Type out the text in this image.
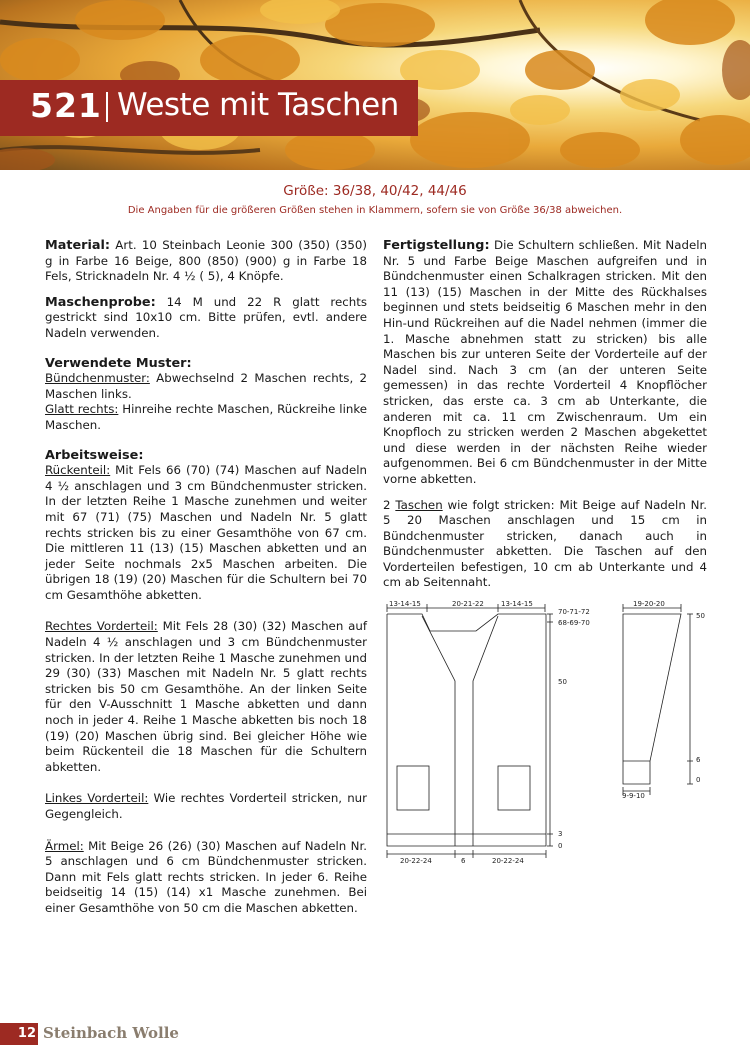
521 Weste mit Taschen
Größe: 36/38, 40/42, 44/46
Die Angaben für die größeren Größen stehen in Klammern, sofern sie von Größe 36/38 abweichen.

Material: Art. 10 Steinbach Leonie 300 (350) (350) g in Farbe 16 Beige, 800 (850) (900) g in Farbe 18 Fels, Stricknadeln Nr. 4 ½ ( 5), 4 Knöpfe.

Maschenprobe: 14 M und 22 R glatt rechts gestrickt sind 10x10 cm. Bitte prüfen, evtl. andere Nadeln verwenden.

Verwendete Muster:

Bündchenmuster: Abwechselnd 2 Maschen rechts, 2 Maschen links.

Glatt rechts: Hinreihe rechte Maschen, Rückreihe linke Maschen.

Arbeitsweise:

Rückenteil: Mit Fels 66 (70) (74) Maschen auf Nadeln 4 ½ anschlagen und 3 cm Bündchenmuster stricken. In der letzten Reihe 1 Masche zunehmen und weiter mit 67 (71) (75) Maschen und Nadeln Nr. 5 glatt rechts stricken bis zu einer Gesamthöhe von 67 cm. Die mittleren 11 (13) (15) Maschen abketten und an jeder Seite nochmals 2x5 Maschen arbeiten. Die übrigen 18 (19) (20) Maschen für die Schultern bei 70 cm Gesamthöhe abketten.

Rechtes Vorderteil: Mit Fels 28 (30) (32) Maschen auf Nadeln 4 ½ anschlagen und 3 cm Bündchenmuster stricken. In der letzten Reihe 1 Masche zunehmen und 29 (30) (33) Maschen mit Nadeln Nr. 5 glatt rechts stricken bis 50 cm Gesamthöhe. An der linken Seite für den V-Ausschnitt 1 Masche abketten und dann noch in jeder 4. Reihe 1 Masche abketten bis noch 18 (19) (20) Maschen übrig sind. Bei gleicher Höhe wie beim Rückenteil die 18 Maschen für die Schultern abketten.

Linkes Vorderteil: Wie rechtes Vorderteil stricken, nur Gegengleich.

Ärmel: Mit Beige 26 (26) (30) Maschen auf Nadeln Nr. 5 anschlagen und 6 cm Bündchenmuster stricken. Dann mit Fels glatt rechts stricken. In jeder 6. Reihe beidseitig 14 (15) (14) x1 Masche zunehmen. Bei einer Gesamthöhe von 50 cm die Maschen abketten.

Fertigstellung: Die Schultern schließen. Mit Nadeln Nr. 5 und Farbe Beige Maschen aufgreifen und in Bündchenmuster einen Schalkragen stricken. Mit den 11 (13) (15) Maschen in der Mitte des Rückhalses beginnen und stets beidseitig 6 Maschen mehr in den Hin-und Rückreihen auf die Nadel nehmen (immer die 1. Masche abnehmen statt zu stricken) bis alle Maschen bis zur unteren Seite der Vorderteile auf der Nadel sind. Nach 3 cm (an der unteren Seite gemessen) in das rechte Vorderteil 4 Knopflöcher stricken, das erste ca. 3 cm ab Unterkante, die anderen mit ca. 11 cm Zwischenraum. Um ein Knopfloch zu stricken werden 2 Maschen abgekettet und diese werden in der nächsten Reihe wieder aufgenommen. Bei 6 cm Bündchenmuster in der Mitte vorne abketten.

2 Taschen wie folgt stricken: Mit Beige auf Nadeln Nr. 5 20 Maschen anschlagen und 15 cm in Bündchenmuster stricken, danach auch in Bündchenmuster abketten. Die Taschen auf den Vorderteilen befestigen, 10 cm ab Unterkante und 4 cm ab Seitennaht.

13-14-15	20-21-22 13-14-15
70-71-72
68-69-70
50
3
0
20-22-24	6	20-22-24
19-20-20
50
6
0
9-9-10
12 Steinbach Wolle
